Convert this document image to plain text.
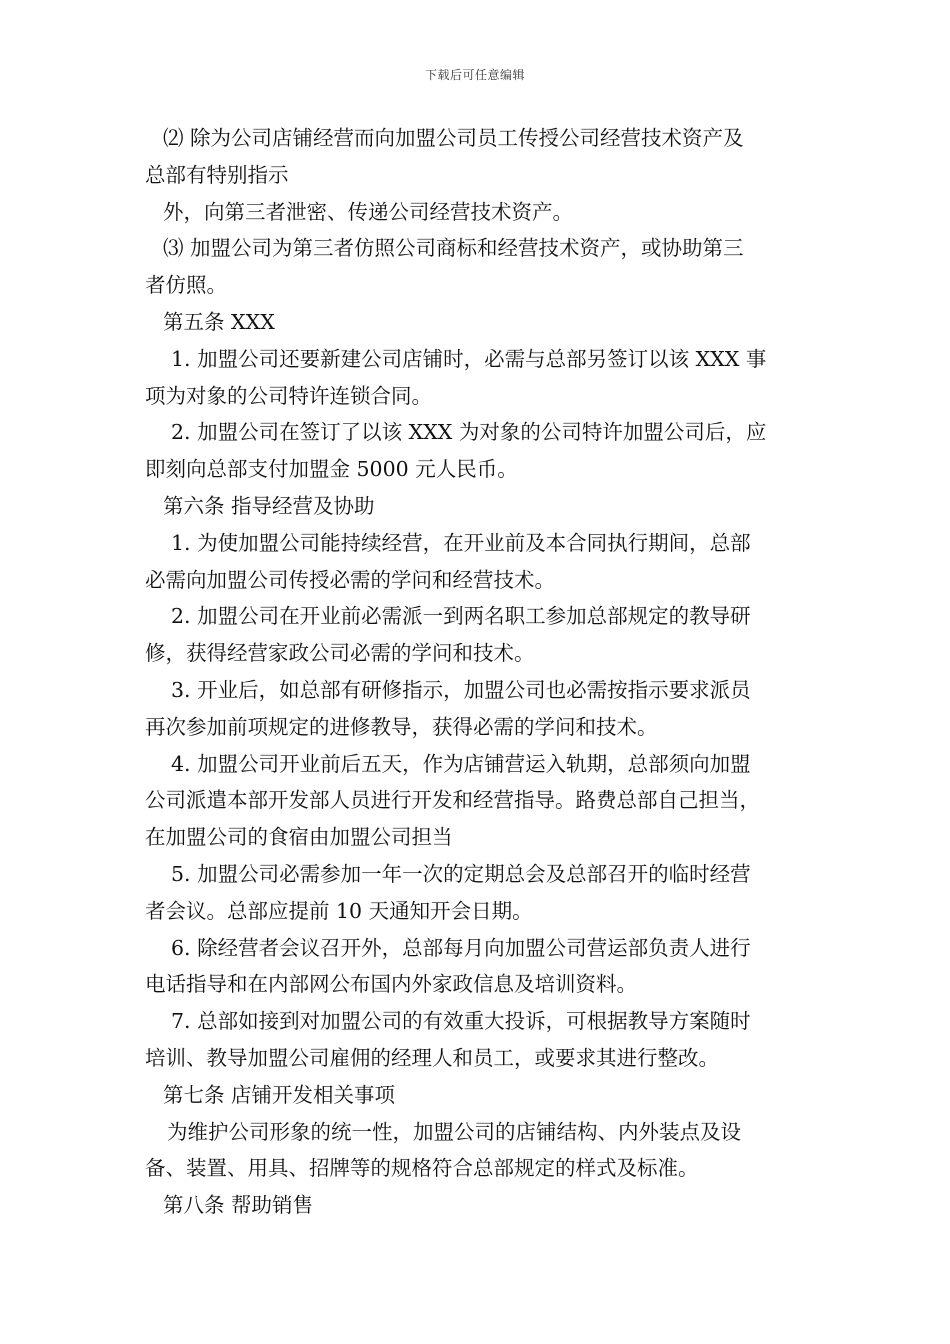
下载后可任意编辑

⑵ 除为公司店铺经营而向加盟公司员工传授公司经营技术资产及

总部有特别指示

外，向第三者泄密、传递公司经营技术资产。

⑶ 加盟公司为第三者仿照公司商标和经营技术资产，或协助第三

者仿照。

第五条 XXX

1. 加盟公司还要新建公司店铺时，必需与总部另签订以该 XXX 事

项为对象的公司特许连锁合同。

2. 加盟公司在签订了以该 XXX 为对象的公司特许加盟公司后，应

即刻向总部支付加盟金 5000 元人民币。

第六条 指导经营及协助

1. 为使加盟公司能持续经营，在开业前及本合同执行期间，总部

必需向加盟公司传授必需的学问和经营技术。

2. 加盟公司在开业前必需派一到两名职工参加总部规定的教导研

修，获得经营家政公司必需的学问和技术。

3. 开业后，如总部有研修指示，加盟公司也必需按指示要求派员

再次参加前项规定的进修教导，获得必需的学问和技术。

4. 加盟公司开业前后五天，作为店铺营运入轨期，总部须向加盟

公司派遣本部开发部人员进行开发和经营指导。路费总部自己担当，

在加盟公司的食宿由加盟公司担当

5. 加盟公司必需参加一年一次的定期总会及总部召开的临时经营

者会议。总部应提前 10 天通知开会日期。

6. 除经营者会议召开外，总部每月向加盟公司营运部负责人进行

电话指导和在内部网公布国内外家政信息及培训资料。

7. 总部如接到对加盟公司的有效重大投诉，可根据教导方案随时

培训、教导加盟公司雇佣的经理人和员工，或要求其进行整改。

第七条 店铺开发相关事项

为维护公司形象的统一性，加盟公司的店铺结构、内外装点及设

备、装置、用具、招牌等的规格符合总部规定的样式及标准。

第八条 帮助销售
